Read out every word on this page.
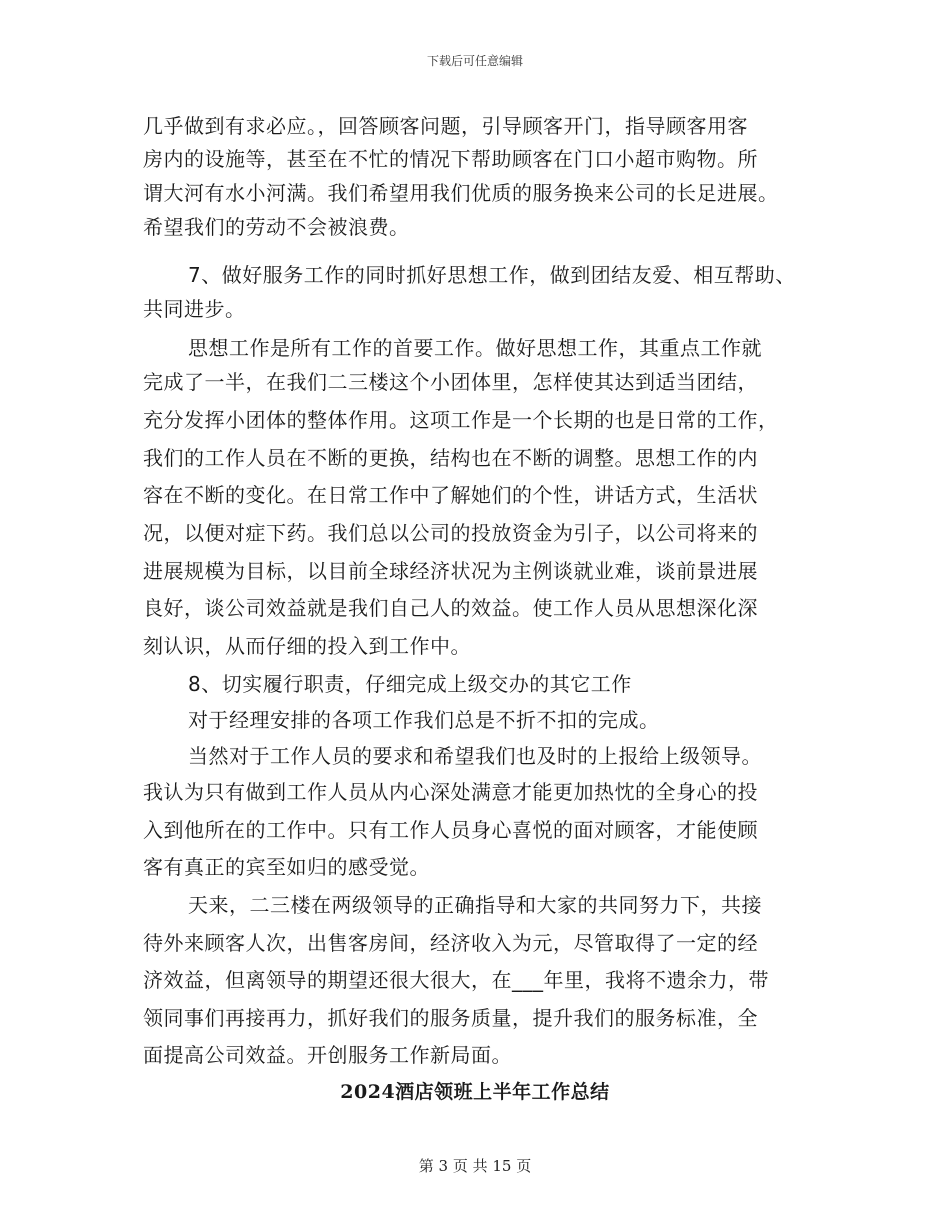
下载后可任意编辑
几乎做到有求必应。，回答顾客问题，引导顾客开门，指导顾客用客
房内的设施等，甚至在不忙的情况下帮助顾客在门口小超市购物。所
谓大河有水小河满。我们希望用我们优质的服务换来公司的长足进展。
希望我们的劳动不会被浪费。
7、做好服务工作的同时抓好思想工作，做到团结友爱、相互帮助、
共同进步。
思想工作是所有工作的首要工作。做好思想工作，其重点工作就
完成了一半，在我们二三楼这个小团体里，怎样使其达到适当团结，
充分发挥小团体的整体作用。这项工作是一个长期的也是日常的工作，
我们的工作人员在不断的更换，结构也在不断的调整。思想工作的内
容在不断的变化。在日常工作中了解她们的个性，讲话方式，生活状
况，以便对症下药。我们总以公司的投放资金为引子，以公司将来的
进展规模为目标，以目前全球经济状况为主例谈就业难，谈前景进展
良好，谈公司效益就是我们自己人的效益。使工作人员从思想深化深
刻认识，从而仔细的投入到工作中。
8、切实履行职责，仔细完成上级交办的其它工作
对于经理安排的各项工作我们总是不折不扣的完成。
当然对于工作人员的要求和希望我们也及时的上报给上级领导。
我认为只有做到工作人员从内心深处满意才能更加热忱的全身心的投
入到他所在的工作中。只有工作人员身心喜悦的面对顾客，才能使顾
客有真正的宾至如归的感受觉。
天来，二三楼在两级领导的正确指导和大家的共同努力下，共接
待外来顾客人次，出售客房间，经济收入为元，尽管取得了一定的经
济效益，但离领导的期望还很大很大，在___年里，我将不遗余力，带
领同事们再接再力，抓好我们的服务质量，提升我们的服务标准，全
面提高公司效益。开创服务工作新局面。
2024酒店领班上半年工作总结
第 3 页 共 15 页
